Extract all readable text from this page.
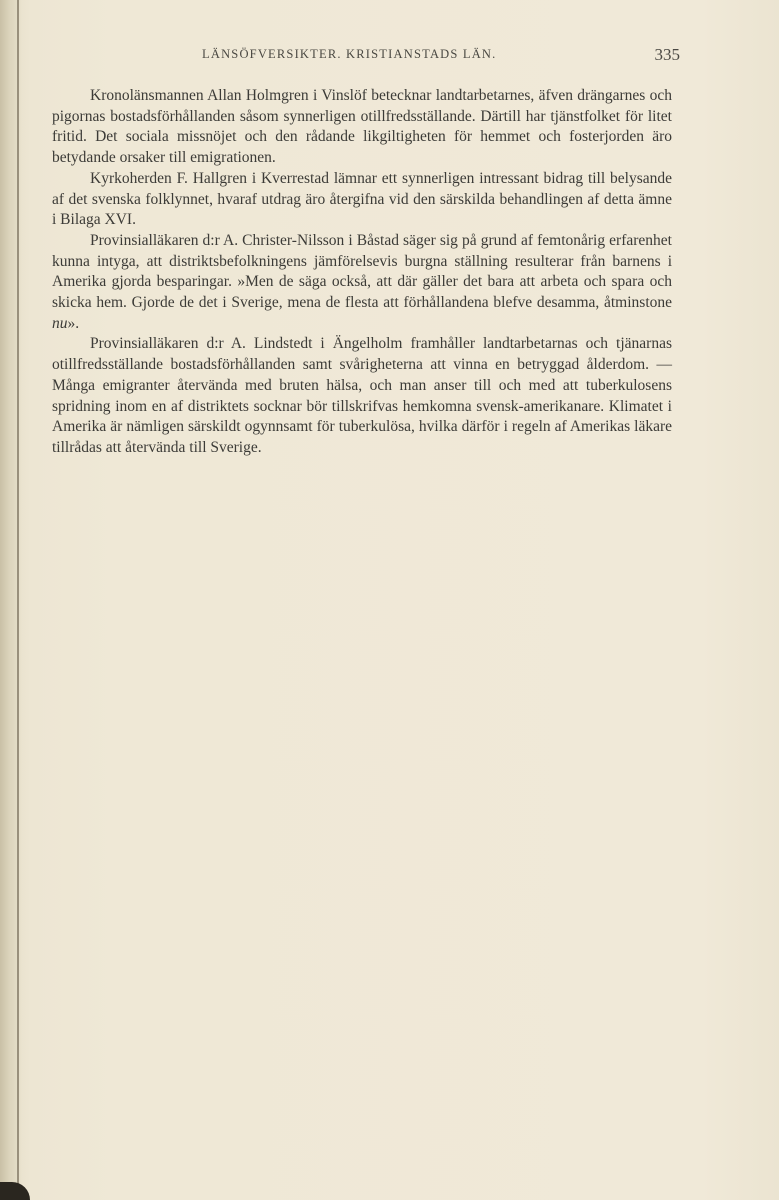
LÄNSÖFVERSIKTER. KRISTIANSTADS LÄN.	335

Kronolänsmannen Allan Holmgren i Vinslöf betecknar landtarbetarnes, äfven drängarnes och pigornas bostadsförhållanden såsom synnerligen otillfredsställande. Därtill har tjänstfolket för litet fritid. Det sociala missnöjet och den rådande likgiltigheten för hemmet och fosterjorden äro betydande orsaker till emigrationen.

Kyrkoherden F. Hallgren i Kverrestad lämnar ett synnerligen intressant bidrag till belysande af det svenska folklynnet, hvaraf utdrag äro återgifna vid den särskilda behandlingen af detta ämne i Bilaga XVI.

Provinsialläkaren d:r A. Christer-Nilsson i Båstad säger sig på grund af femtonårig erfarenhet kunna intyga, att distriktsbefolkningens jämförelsevis burgna ställning resulterar från barnens i Amerika gjorda besparingar. »Men de säga också, att där gäller det bara att arbeta och spara och skicka hem. Gjorde de det i Sverige, mena de flesta att förhållandena blefve desamma, åtminstone nu».

Provinsialläkaren d:r A. Lindstedt i Ängelholm framhåller landtarbetarnas och tjänarnas otillfredsställande bostadsförhållanden samt svårigheterna att vinna en betryggad ålderdom. — Många emigranter återvända med bruten hälsa, och man anser till och med att tuberkulosens spridning inom en af distriktets socknar bör tillskrifvas hemkomna svensk-amerikanare. Klimatet i Amerika är nämligen särskildt ogynnsamt för tuberkulösa, hvilka därför i regeln af Amerikas läkare tillrådas att återvända till Sverige.
